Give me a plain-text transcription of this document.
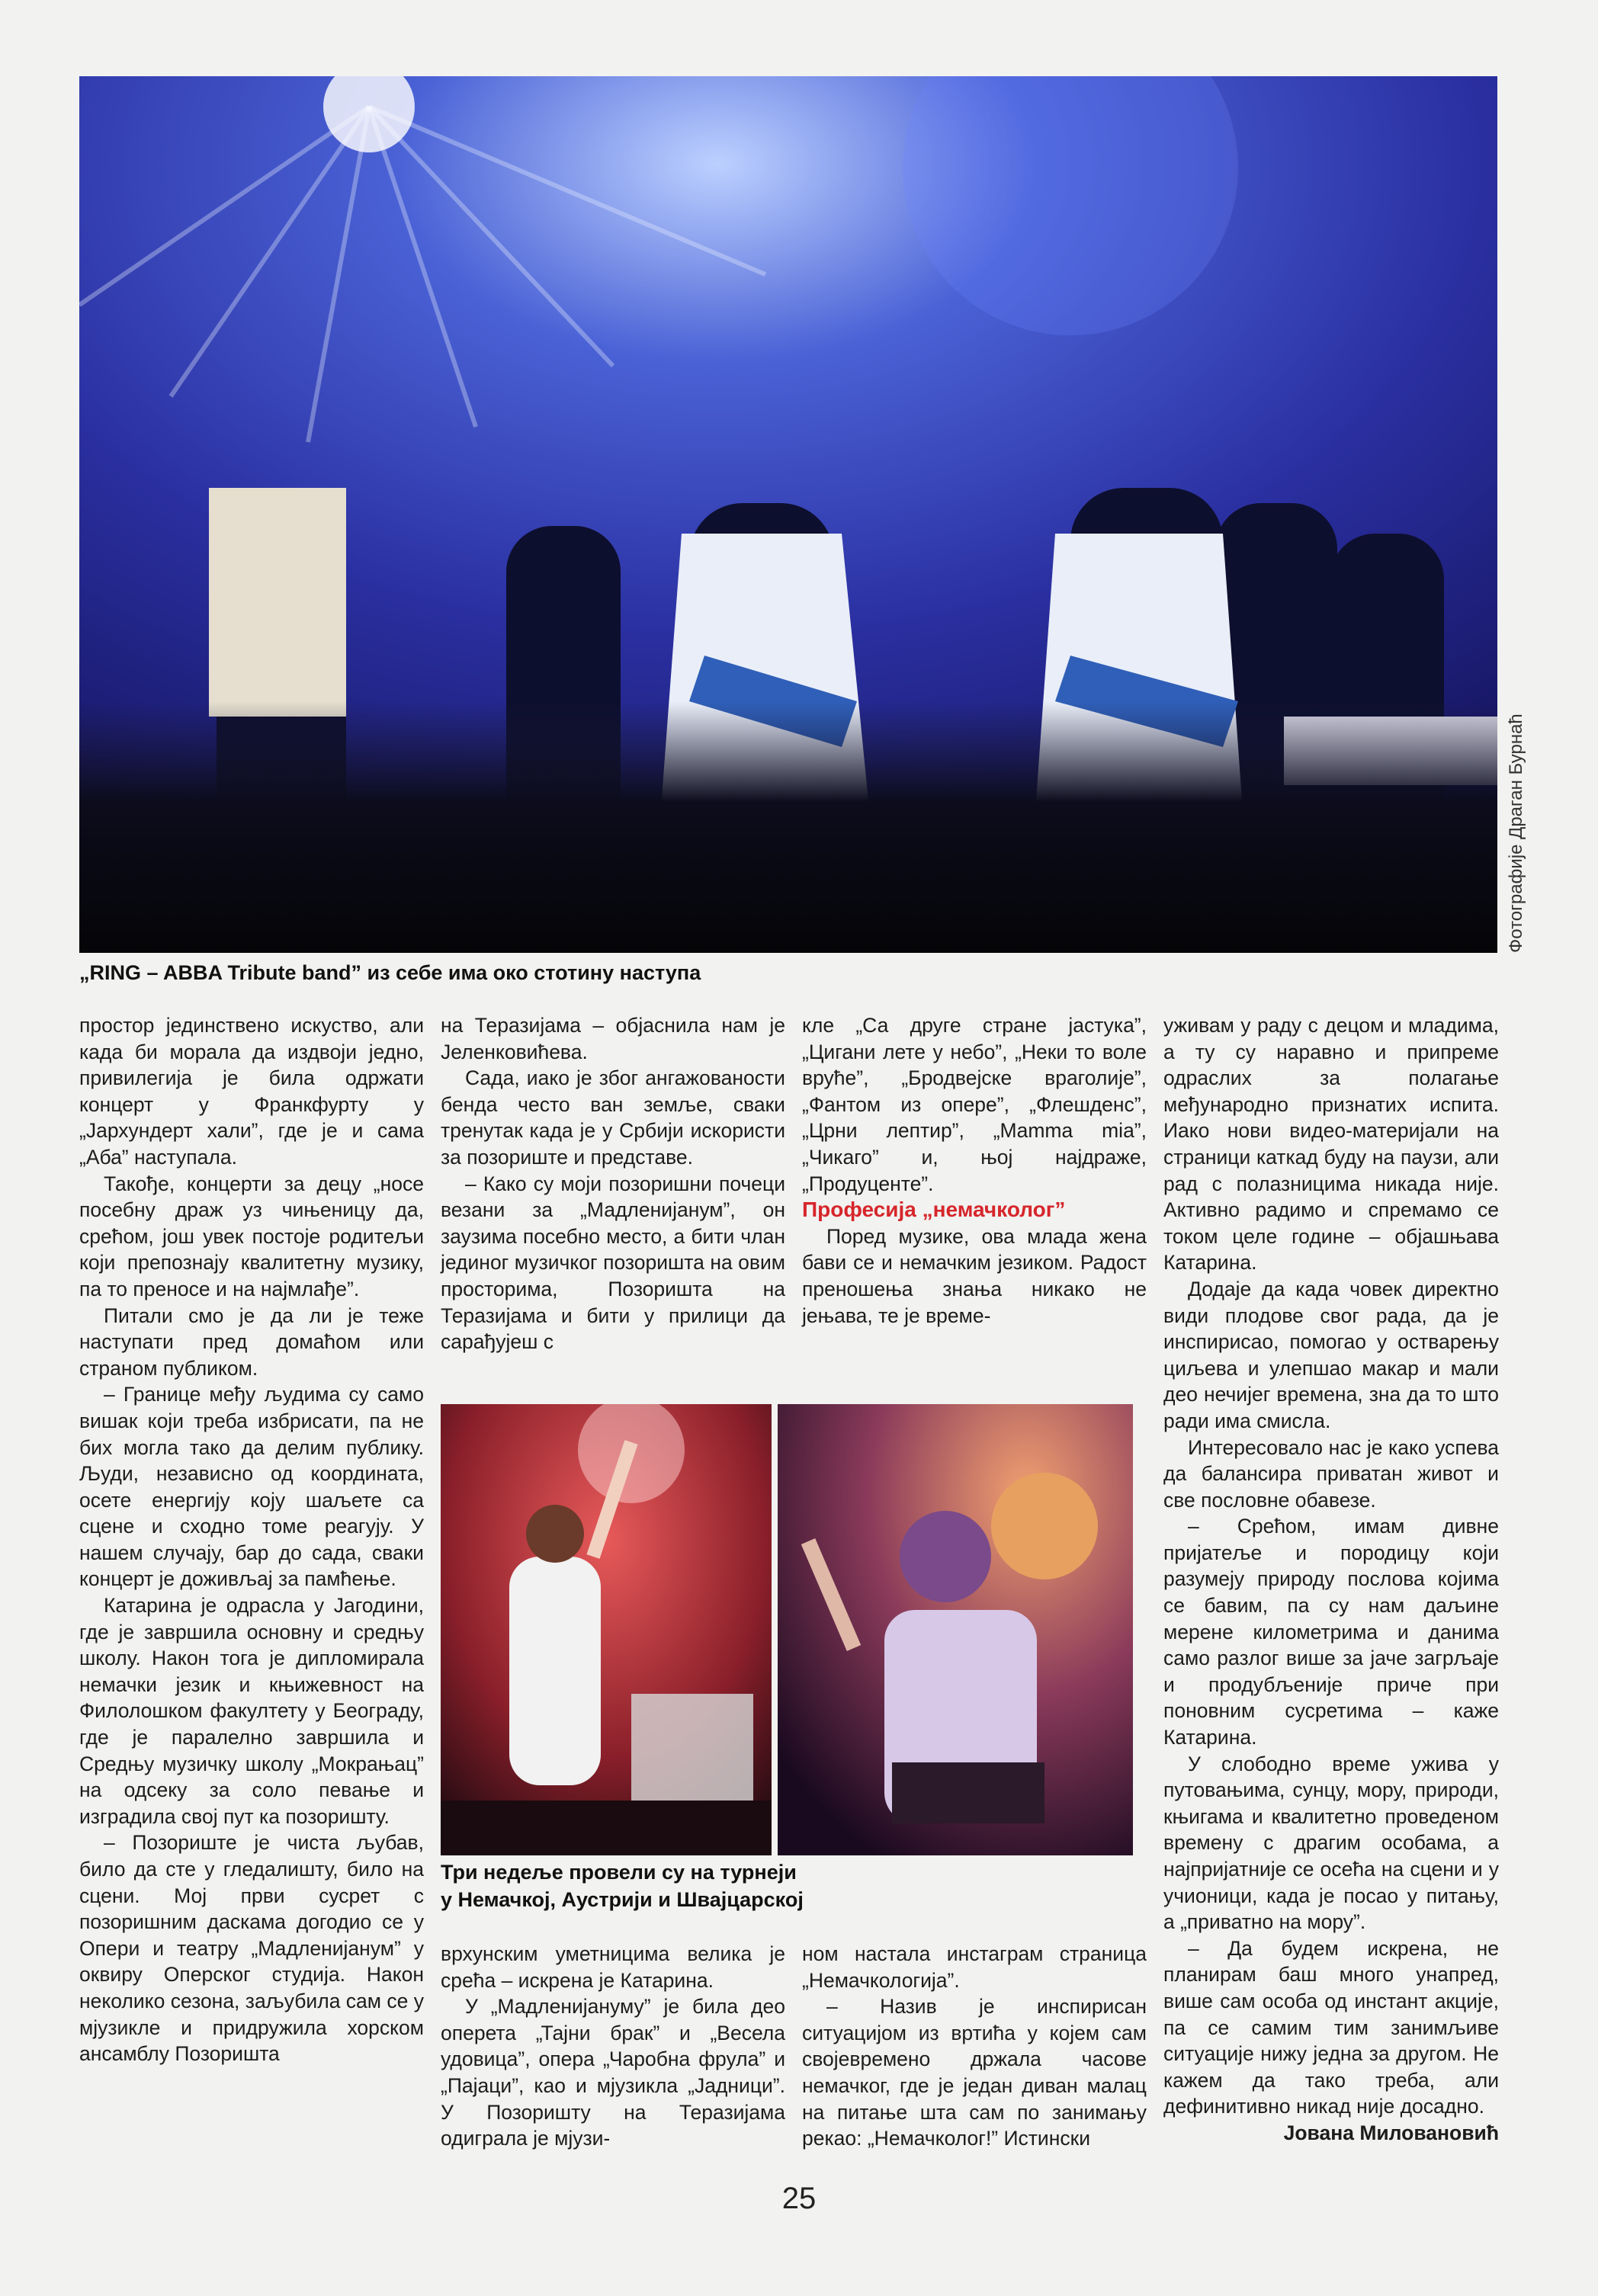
Фотографије Драган Бурнаћ
„RING – ABBA Tribute band” из себе има око стотину наступа

простор јединствено искуство, али када би морала да издвоји једно, привилегија је била одржати концерт у Франкфурту у „Јархундерт хали”, где је и сама „Аба” наступала.

Такође, концерти за децу „носе посебну драж уз чињеницу да, срећом, још увек постоје родитељи који препознају квалитетну музику, па то преносе и на најмлађе”.

Питали смо је да ли је теже наступати пред домаћом или страном публиком.

– Границе међу људима су само вишак који треба избрисати, па не бих могла тако да делим публику. Људи, независно од координата, осете енергију коју шаљете са сцене и сходно томе реагују. У нашем случају, бар до сада, сваки концерт је доживљај за памћење.

Катарина је одрасла у Јагодини, где је завршила основну и средњу школу. Након тога је дипломирала немачки језик и књижевност на Филолошком факултету у Београду, где је паралелно завршила и Средњу музичку школу „Мокрањац” на одсеку за соло певање и изградила свој пут ка позоришту.

– Позориште је чиста љубав, било да сте у гледалишту, било на сцени. Мој први сусрет с позоришним даскама догодио се у Опери и театру „Мадленијанум” у оквиру Оперског студија. Након неколико сезона, заљубила сам се у мјузикле и придружила хорском ансамблу Позоришта

на Теразијама – објаснила нам је Јеленковићева.

Сада, иако је због ангажованости бенда често ван земље, сваки тренутак када је у Србији искористи за позориште и представе.

– Како су моји позоришни почеци везани за „Мадленијанум”, он заузима посебно место, а бити члан јединог музичког позоришта на овим просторима, Позоришта на Теразијама и бити у прилици да сарађујеш с

кле „Са друге стране јастука”, „Цигани лете у небо”, „Неки то воле вруће”, „Бродвејске враголије”, „Фантом из опере”, „Флешденс”, „Црни лептир”, „Mamma mia”, „Чикаго” и, њој најдраже, „Продуценте”.

Професија „немачколог”

Поред музике, ова млада жена бави се и немачким језиком. Радост преношења знања никако не јењава, те је време-

Три недеље провели су на турнеји
у Немачкој, Аустрији и Швајцарској

уживам у раду с децом и младима, а ту су наравно и припреме одраслих за полагање међународно признатих испита. Иако нови видео-материјали на страници каткад буду на паузи, али рад с полазницима никада није. Активно радимо и спремамо се током целе године – објашњава Катарина.

Додаје да када човек директно види плодове свог рада, да је инспирисао, помогао у остварењу циљева и улепшао макар и мали део нечијег времена, зна да то што ради има смисла.

Интересовало нас је како успева да балансира приватан живот и све пословне обавезе.

– Срећом, имам дивне пријатеље и породицу који разумеју природу послова којима се бавим, па су нам даљине мерене километрима и данима само разлог више за јаче загрљаје и продубљеније приче при поновним сусретима – каже Катарина.

У слободно време ужива у путовањима, сунцу, мору, природи, књигама и квалитетно проведеном времену с драгим особама, а најпријатније се осећа на сцени и у учионици, када је посао у питању, а „приватно на мору”.

– Да будем искрена, не планирам баш много унапред, више сам особа од инстант акције, па се самим тим занимљиве ситуације нижу једна за другом. Не кажем да тако треба, али дефинитивно никад није досадно.

Јована Миловановић

врхунским уметницима велика је срећа – искрена је Катарина.

У „Мадленијануму” је била део оперета „Тајни брак” и „Весела удовица”, опера „Чаробна фрула” и „Пајаци”, као и мјузикла „Јадници”. У Позоришту на Теразијама одиграла је мјузи-

ном настала инстаграм страница „Немачкологија”.

– Назив је инспирисан ситуацијом из вртића у којем сам својевремено држала часове немачког, где је један диван малац на питање шта сам по занимању рекао: „Немачколог!” Истински

25
